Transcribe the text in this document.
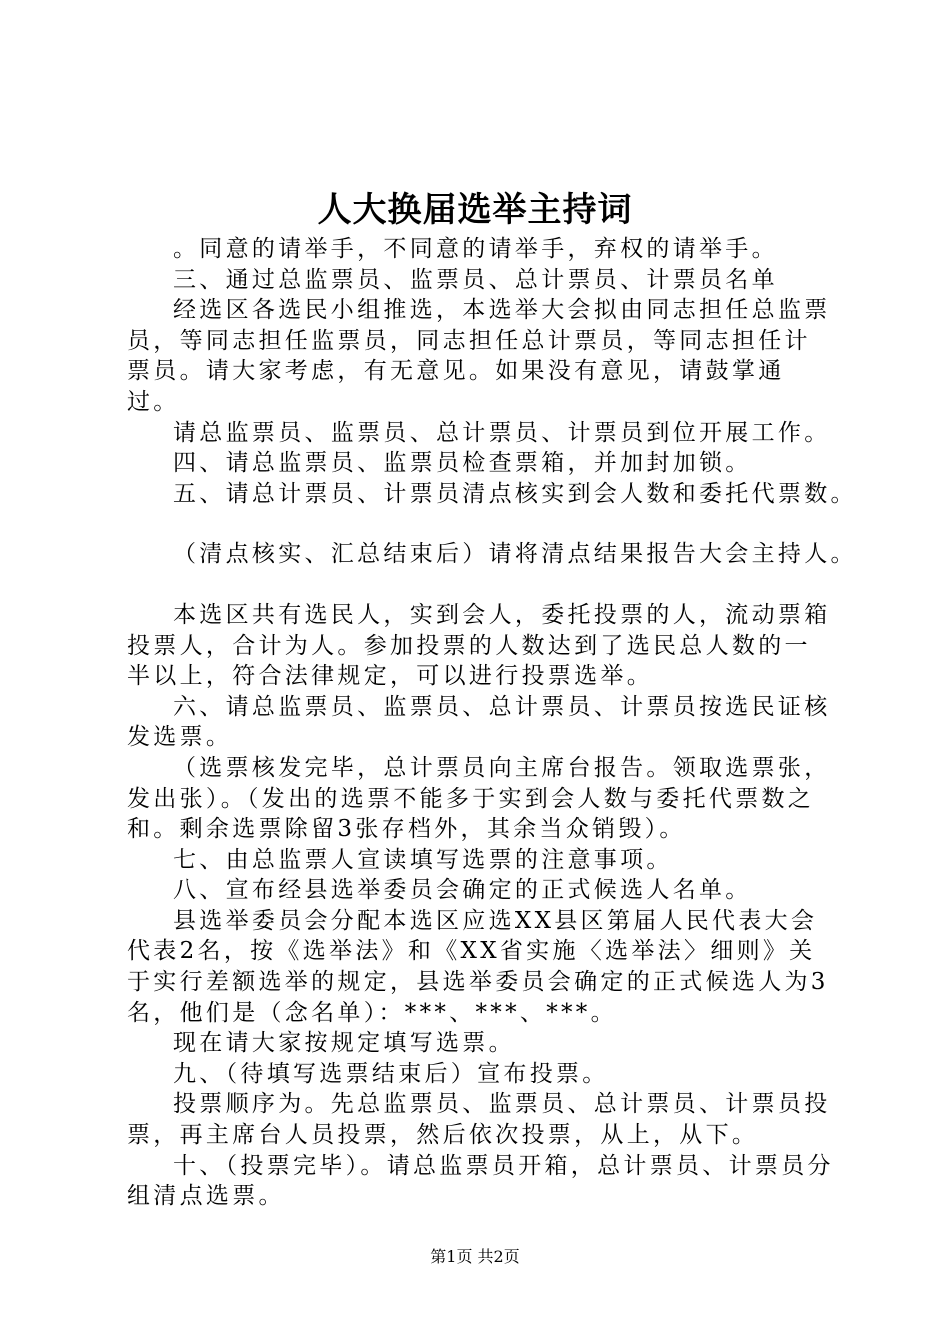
人大换届选举主持词

。同意的请举手，不同意的请举手，弃权的请举手。

三、通过总监票员、监票员、总计票员、计票员名单

经选区各选民小组推选，本选举大会拟由同志担任总监票员，等同志担任监票员，同志担任总计票员，等同志担任计票员。请大家考虑，有无意见。如果没有意见，请鼓掌通过。

请总监票员、监票员、总计票员、计票员到位开展工作。

四、请总监票员、监票员检查票箱，并加封加锁。

五、请总计票员、计票员清点核实到会人数和委托代票数。

（清点核实、汇总结束后）请将清点结果报告大会主持人。

本选区共有选民人，实到会人，委托投票的人，流动票箱投票人，合计为人。参加投票的人数达到了选民总人数的一半以上，符合法律规定，可以进行投票选举。

六、请总监票员、监票员、总计票员、计票员按选民证核发选票。

（选票核发完毕，总计票员向主席台报告。领取选票张，发出张）。（发出的选票不能多于实到会人数与委托代票数之和。剩余选票除留3张存档外，其余当众销毁）。

七、由总监票人宣读填写选票的注意事项。

八、宣布经县选举委员会确定的正式候选人名单。

县选举委员会分配本选区应选XX县区第届人民代表大会代表2名，按《选举法》和《XX省实施〈选举法〉细则》关于实行差额选举的规定，县选举委员会确定的正式候选人为3名，他们是（念名单）：***、***、***。

现在请大家按规定填写选票。

九、（待填写选票结束后）宣布投票。

投票顺序为。先总监票员、监票员、总计票员、计票员投票，再主席台人员投票，然后依次投票，从上，从下。

十、（投票完毕）。请总监票员开箱，总计票员、计票员分组清点选票。

第1页 共2页
